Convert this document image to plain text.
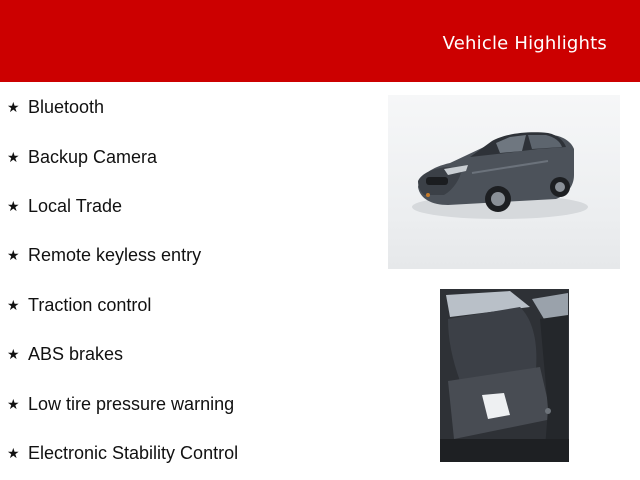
Vehicle Highlights
★ Bluetooth
★ Backup Camera
★ Local Trade
★ Remote keyless entry
★ Traction control
★ ABS brakes
★ Low tire pressure warning
★ Electronic Stability Control
